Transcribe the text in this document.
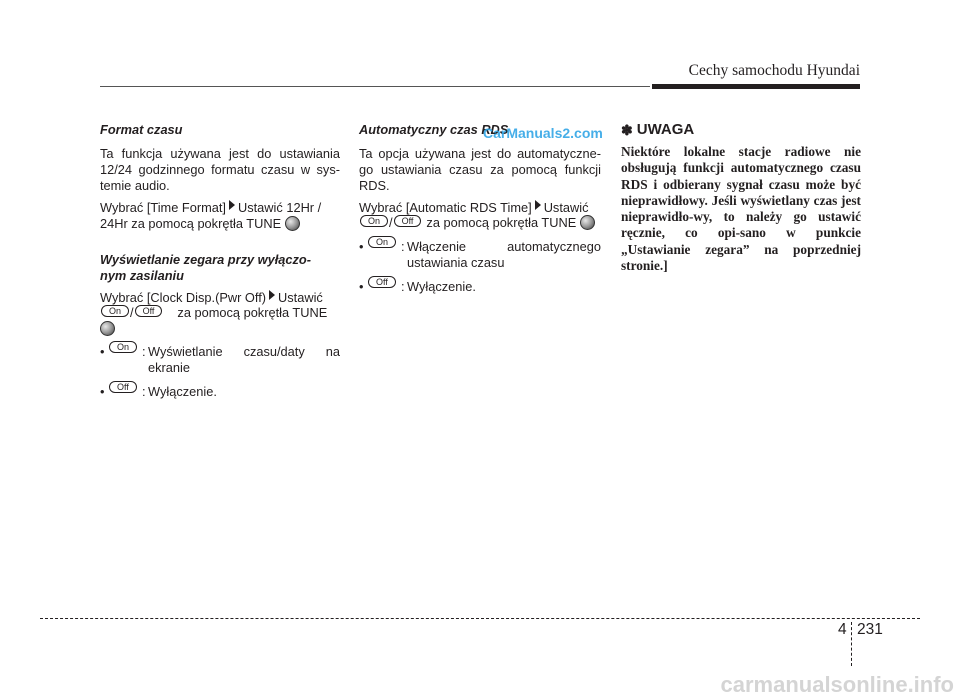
Cechy samochodu Hyundai

Format czasu

Ta funkcja używana jest do ustawiania 12/24 godzinnego formatu czasu w sys-temie audio.

Wybrać [Time Format] Ustawić 12Hr /
24Hr za pomocą pokrętła TUNE

Wyświetlanie zegara przy wyłączo-
nym zasilaniu

Wybrać [Clock Disp.(Pwr Off) Ustawić
On /	Off	za pomocą pokrętła TUNE
•	On	: Wyświetlanie czasu/daty na
ekranie
•	Off	: Wyłączenie.

Automatyczny czas RDS

Ta opcja używana jest do automatyczne-go ustawiania czasu za pomocą funkcji RDS.

Wybrać [Automatic RDS Time] Ustawić
On /	Off	za pomocą pokrętła TUNE
•	On	: Włączenie automatycznego
ustawiania czasu
•	Off	: Wyłączenie.
CarManuals2.com ✽ UWAGA

Niektóre lokalne stacje radiowe nie obsługują funkcji automatycznego czasu RDS i odbierany sygnał czasu może być nieprawidłowy. Jeśli wyświetlany czas jest nieprawidło-wy, to należy go ustawić ręcznie, co opi-sano w punkcie „Ustawianie zegara” na poprzedniej stronie.]

4 231
carmanualsonline.info
